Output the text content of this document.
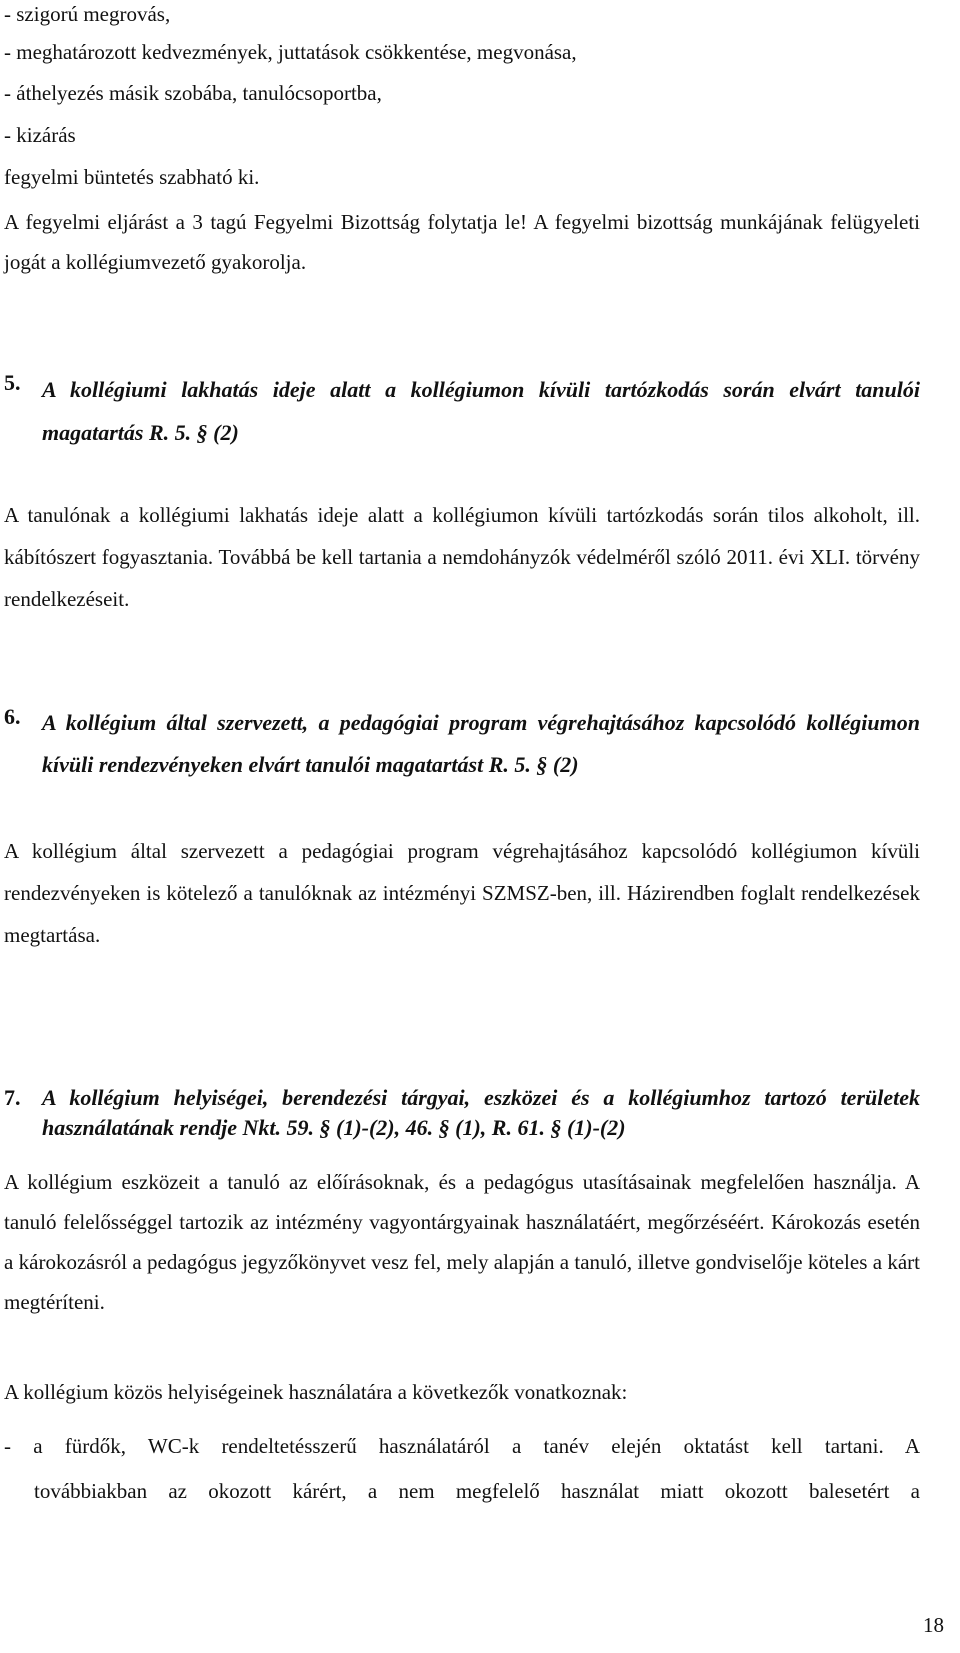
- szigorú megrovás,
- meghatározott kedvezmények, juttatások csökkentése, megvonása,
- áthelyezés másik szobába, tanulócsoportba,
- kizárás
fegyelmi büntetés szabható ki.
A fegyelmi eljárást a 3 tagú Fegyelmi Bizottság folytatja le! A fegyelmi bizottság munkájának felügyeleti jogát a kollégiumvezető gyakorolja.
5. A kollégiumi lakhatás ideje alatt a kollégiumon kívüli tartózkodás során elvárt tanulói magatartás R. 5. § (2)
A tanulónak a kollégiumi lakhatás ideje alatt a kollégiumon kívüli tartózkodás során tilos alkoholt, ill. kábítószert fogyasztania. Továbbá be kell tartania a nemdohányzók védelméről szóló 2011. évi XLI. törvény rendelkezéseit.
6. A kollégium által szervezett, a pedagógiai program végrehajtásához kapcsolódó kollégiumon kívüli rendezvényeken elvárt tanulói magatartást R. 5. § (2)
A kollégium által szervezett a pedagógiai program végrehajtásához kapcsolódó kollégiumon kívüli rendezvényeken is kötelező a tanulóknak az intézményi SZMSZ-ben, ill. Házirendben foglalt rendelkezések megtartása.
7. A kollégium helyiségei, berendezési tárgyai, eszközei és a kollégiumhoz tartozó területek használatának rendje Nkt. 59. § (1)-(2), 46. § (1), R. 61. § (1)-(2)
A kollégium eszközeit a tanuló az előírásoknak, és a pedagógus utasításainak megfelelően használja. A tanuló felelősséggel tartozik az intézmény vagyontárgyainak használatáért, megőrzéséért. Károkozás esetén a károkozásról a pedagógus jegyzőkönyvet vesz fel, mely alapján a tanuló, illetve gondviselője köteles a kárt megtéríteni.
A kollégium közös helyiségeinek használatára a következők vonatkoznak:
- a fürdők, WC-k rendeltetésszerű használatáról a tanév elején oktatást kell tartani. A
továbbiakban az okozott kárért, a nem megfelelő használat miatt okozott balesetért a
18
